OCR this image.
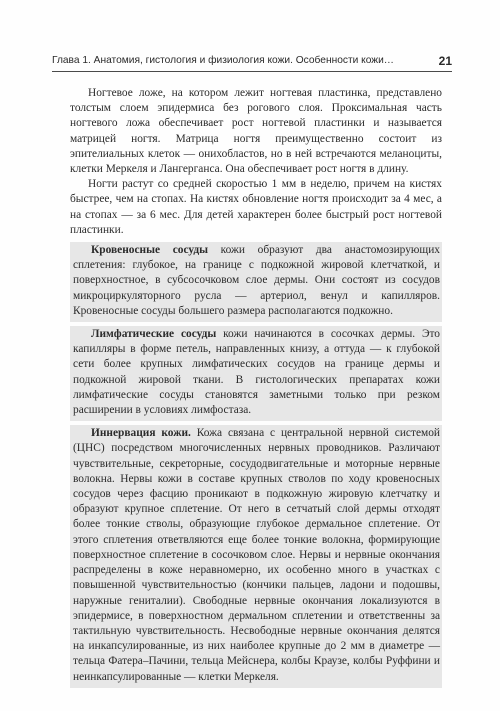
Глава 1. Анатомия, гистология и физиология кожи. Особенности кожи…	21

Ногтевое ложе, на котором лежит ногтевая пластинка, представлено толстым слоем эпидермиса без рогового слоя. Проксимальная часть ногтевого ложа обеспечивает рост ногтевой пластинки и называется матрицей ногтя. Матрица ногтя преимущественно состоит из эпителиальных клеток — онихобластов, но в ней встречаются меланоциты, клетки Меркеля и Лангерганса. Она обеспечивает рост ногтя в длину.

Ногти растут со средней скоростью 1 мм в неделю, причем на кистях быстрее, чем на стопах. На кистях обновление ногтя происходит за 4 мес, а на стопах — за 6 мес. Для детей характерен более быстрый рост ногтевой пластинки.

Кровеносные сосуды кожи образуют два анастомозирующих сплетения: глубокое, на границе с подкожной жировой клетчаткой, и поверхностное, в субсосочковом слое дермы. Они состоят из сосудов микроциркуляторного русла — артериол, венул и капилляров. Кровеносные сосуды большего размера располагаются подкожно.

Лимфатические сосуды кожи начинаются в сосочках дермы. Это капилляры в форме петель, направленных книзу, а оттуда — к глубокой сети более крупных лимфатических сосудов на границе дермы и подкожной жировой ткани. В гистологических препаратах кожи лимфатические сосуды становятся заметными только при резком расширении в условиях лимфостаза.

Иннервация кожи. Кожа связана с центральной нервной системой (ЦНС) посредством многочисленных нервных проводников. Различают чувствительные, секреторные, сосудодвигательные и моторные нервные волокна. Нервы кожи в составе крупных стволов по ходу кровеносных сосудов через фасцию проникают в подкожную жировую клетчатку и образуют крупное сплетение. От него в сетчатый слой дермы отходят более тонкие стволы, образующие глубокое дермальное сплетение. От этого сплетения ответвляются еще более тонкие волокна, формирующие поверхностное сплетение в сосочковом слое. Нервы и нервные окончания распределены в коже неравномерно, их особенно много в участках с повышенной чувствительностью (кончики пальцев, ладони и подошвы, наружные гениталии). Свободные нервные окончания локализуются в эпидермисе, в поверхностном дермальном сплетении и ответственны за тактильную чувствительность. Несвободные нервные окончания делятся на инкапсулированные, из них наиболее крупные до 2 мм в диаметре — тельца Фатера–Пачини, тельца Мейснера, колбы Краузе, колбы Руффини и неинкапсулированные — клетки Меркеля.
